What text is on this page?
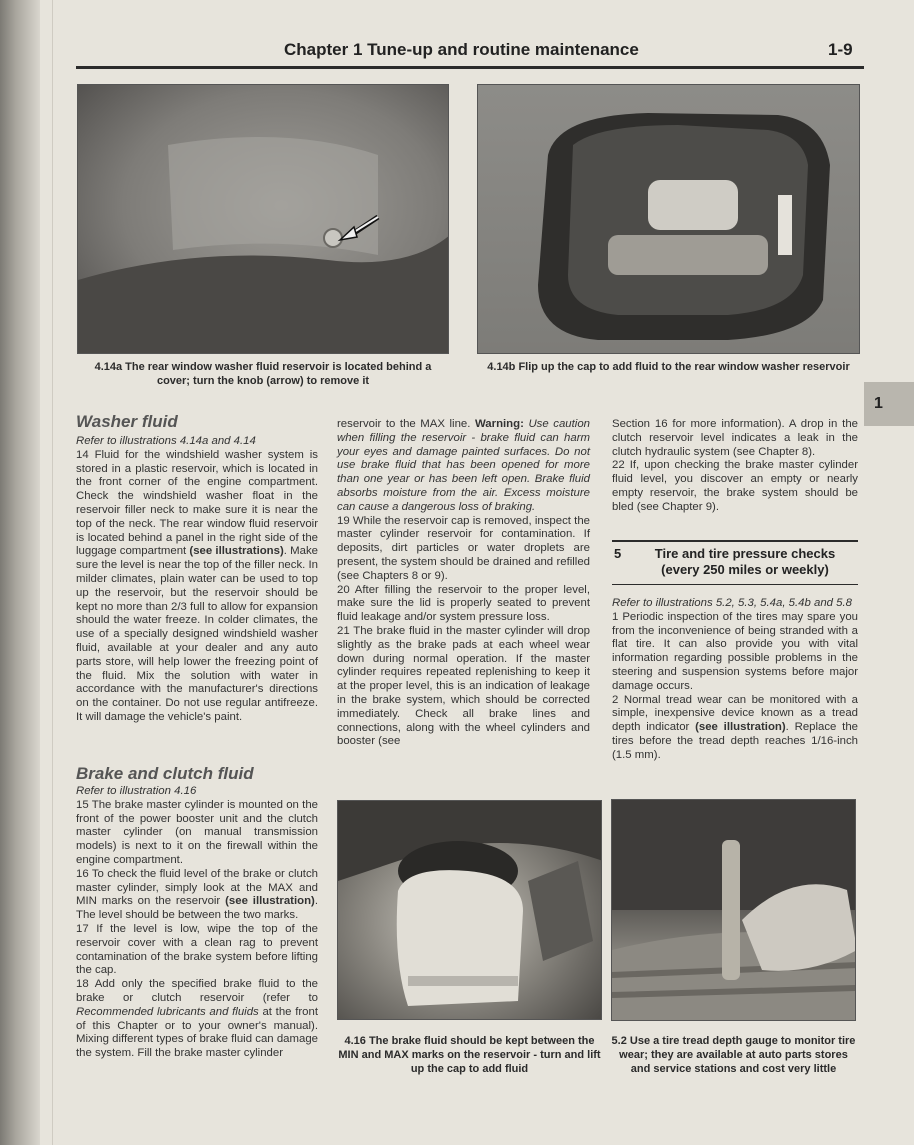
Chapter 1 Tune-up and routine maintenance	1-9
1
4.14a The rear window washer fluid reservoir is located behind a cover; turn the knob (arrow) to remove it
4.14b Flip up the cap to add fluid to the rear window washer reservoir
Washer fluid

Refer to illustrations 4.14a and 4.14

14 Fluid for the windshield washer system is stored in a plastic reservoir, which is located in the front corner of the engine compartment. Check the windshield washer float in the reservoir filler neck to make sure it is near the top of the neck. The rear window fluid reservoir is located behind a panel in the right side of the luggage compartment (see illustrations). Make sure the level is near the top of the filler neck. In milder climates, plain water can be used to top up the reservoir, but the reservoir should be kept no more than 2/3 full to allow for expansion should the water freeze. In colder climates, the use of a specially designed windshield washer fluid, available at your dealer and any auto parts store, will help lower the freezing point of the fluid. Mix the solution with water in accordance with the manufacturer's directions on the container. Do not use regular antifreeze. It will damage the vehicle's paint.

Brake and clutch fluid

Refer to illustration 4.16

15 The brake master cylinder is mounted on the front of the power booster unit and the clutch master cylinder (on manual transmission models) is next to it on the firewall within the engine compartment.

16 To check the fluid level of the brake or clutch master cylinder, simply look at the MAX and MIN marks on the reservoir (see illustration). The level should be between the two marks.

17 If the level is low, wipe the top of the reservoir cover with a clean rag to prevent contamination of the brake system before lifting the cap.

18 Add only the specified brake fluid to the brake or clutch reservoir (refer to Recommended lubricants and fluids at the front of this Chapter or to your owner's manual). Mixing different types of brake fluid can damage the system. Fill the brake master cylinder

reservoir to the MAX line. Warning: Use caution when filling the reservoir - brake fluid can harm your eyes and damage painted surfaces. Do not use brake fluid that has been opened for more than one year or has been left open. Brake fluid absorbs moisture from the air. Excess moisture can cause a dangerous loss of braking.

19 While the reservoir cap is removed, inspect the master cylinder reservoir for contamination. If deposits, dirt particles or water droplets are present, the system should be drained and refilled (see Chapters 8 or 9).

20 After filling the reservoir to the proper level, make sure the lid is properly seated to prevent fluid leakage and/or system pressure loss.

21 The brake fluid in the master cylinder will drop slightly as the brake pads at each wheel wear down during normal operation. If the master cylinder requires repeated replenishing to keep it at the proper level, this is an indication of leakage in the brake system, which should be corrected immediately. Check all brake lines and connections, along with the wheel cylinders and booster (see

4.16 The brake fluid should be kept between the MIN and MAX marks on the reservoir - turn and lift up the cap to add fluid

Section 16 for more information). A drop in the clutch reservoir level indicates a leak in the clutch hydraulic system (see Chapter 8).

22 If, upon checking the brake master cylinder fluid level, you discover an empty or nearly empty reservoir, the brake system should be bled (see Chapter 9).

5	Tire and tire pressure checks (every 250 miles or weekly)

Refer to illustrations 5.2, 5.3, 5.4a, 5.4b and 5.8

1 Periodic inspection of the tires may spare you from the inconvenience of being stranded with a flat tire. It can also provide you with vital information regarding possible problems in the steering and suspension systems before major damage occurs.

2 Normal tread wear can be monitored with a simple, inexpensive device known as a tread depth indicator (see illustration). Replace the tires before the tread depth reaches 1/16-inch (1.5 mm).

5.2 Use a tire tread depth gauge to monitor tire wear; they are available at auto parts stores and service stations and cost very little
